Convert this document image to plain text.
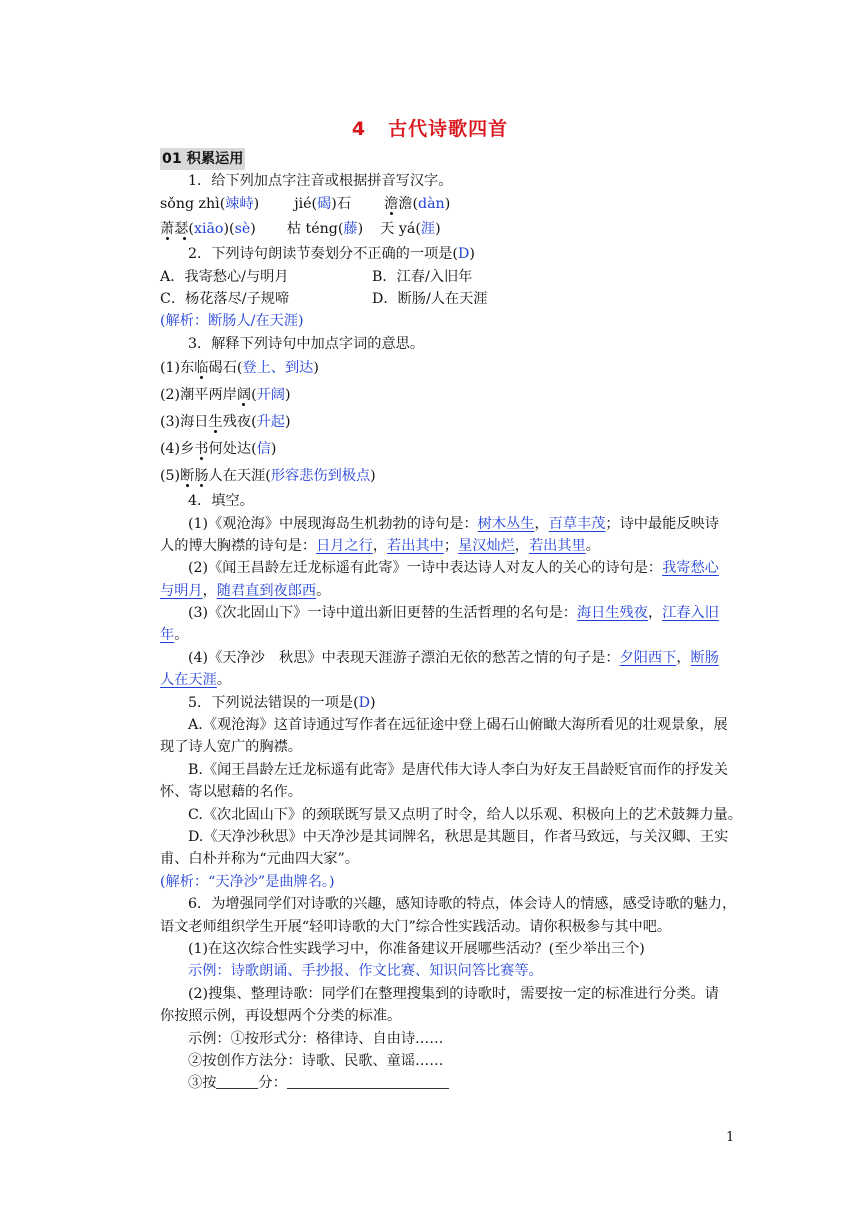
4 古代诗歌四首
01 积累运用
1．给下列加点字注音或根据拼音写汉字。
sǒng zhì(竦峙) jié(碣)石 澹澹(dàn)
萧瑟(xiāo)(sè) 枯 téng(藤) 天 yá(涯)
2．下列诗句朗读节奏划分不正确的一项是(D)
A．我寄愁心/与明月	B．江春/入旧年
C．杨花落尽/子规啼	D．断肠/人在天涯
(解析：断肠人/在天涯)
3．解释下列诗句中加点字词的意思。
(1)东临碣石(登上、到达)
(2)潮平两岸阔(开阔)
(3)海日生残夜(升起)
(4)乡书何处达(信)
(5)断肠人在天涯(形容悲伤到极点)
4．填空。
(1)《观沧海》中展现海岛生机勃勃的诗句是：树木丛生，百草丰茂；诗中最能反映诗
人的博大胸襟的诗句是：日月之行，若出其中；星汉灿烂，若出其里。
(2)《闻王昌龄左迁龙标遥有此寄》一诗中表达诗人对友人的关心的诗句是：我寄愁心
与明月，随君直到夜郎西。
(3)《次北固山下》一诗中道出新旧更替的生活哲理的名句是：海日生残夜，江春入旧
年。
(4)《天净沙　秋思》中表现天涯游子漂泊无依的愁苦之情的句子是：夕阳西下，断肠
人在天涯。
5．下列说法错误的一项是(D)
A.《观沧海》这首诗通过写作者在远征途中登上碣石山俯瞰大海所看见的壮观景象，展
现了诗人宽广的胸襟。
B.《闻王昌龄左迁龙标遥有此寄》是唐代伟大诗人李白为好友王昌龄贬官而作的抒发关
怀、寄以慰藉的名作。
C.《次北固山下》的颈联既写景又点明了时令，给人以乐观、积极向上的艺术鼓舞力量。
D.《天净沙秋思》中天净沙是其词牌名，秋思是其题目，作者马致远，与关汉卿、王实
甫、白朴并称为“元曲四大家”。
(解析：“天净沙”是曲牌名。)
6．为增强同学们对诗歌的兴趣，感知诗歌的特点，体会诗人的情感，感受诗歌的魅力，
语文老师组织学生开展“轻叩诗歌的大门”综合性实践活动。请你积极参与其中吧。
(1)在这次综合性实践学习中，你准备建议开展哪些活动？(至少举出三个)
示例：诗歌朗诵、手抄报、作文比赛、知识问答比赛等。
(2)搜集、整理诗歌：同学们在整理搜集到的诗歌时，需要按一定的标准进行分类。请
你按照示例，再设想两个分类的标准。
示例：①按形式分：格律诗、自由诗……
②按创作方法分：诗歌、民歌、童谣……
③按	分：
1
